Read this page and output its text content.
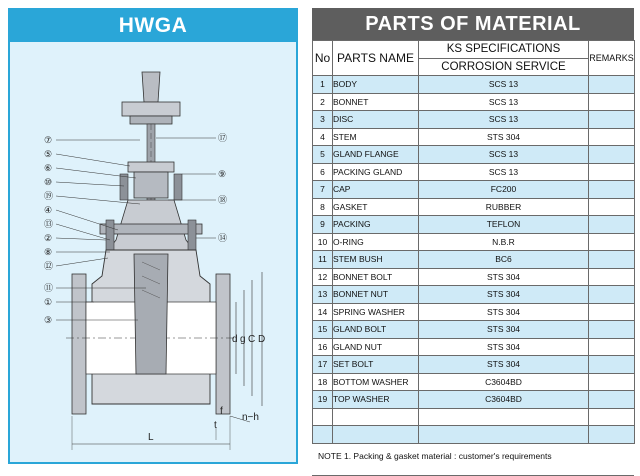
HWGA
⑦
⑤
⑥
⑩
⑲
④
⑬
②
⑧
⑫
⑪
①
③
⑰
⑨
⑱
⑭
L
d g C D
f
t
n−h
PARTS OF MATERIAL
No	PARTS NAME	KS SPECIFICATIONS	REMARKS
		CORROSION SERVICE	
1	BODY	SCS 13	
2	BONNET	SCS 13	
3	DISC	SCS 13	
4	STEM	STS 304	
5	GLAND FLANGE	SCS 13	
6	PACKING GLAND	SCS 13	
7	CAP	FC200	
8	GASKET	RUBBER	
9	PACKING	TEFLON	
10	O-RING	N.B.R	
11	STEM BUSH	BC6	
12	BONNET BOLT	STS 304	
13	BONNET NUT	STS 304	
14	SPRING WASHER	STS 304	
15	GLAND BOLT	STS 304	
16	GLAND NUT	STS 304	
17	SET BOLT	STS 304	
18	BOTTOM WASHER	C3604BD	
19	TOP WASHER	C3604BD	

NOTE 1. Packing & gasket material : customer's requirements
